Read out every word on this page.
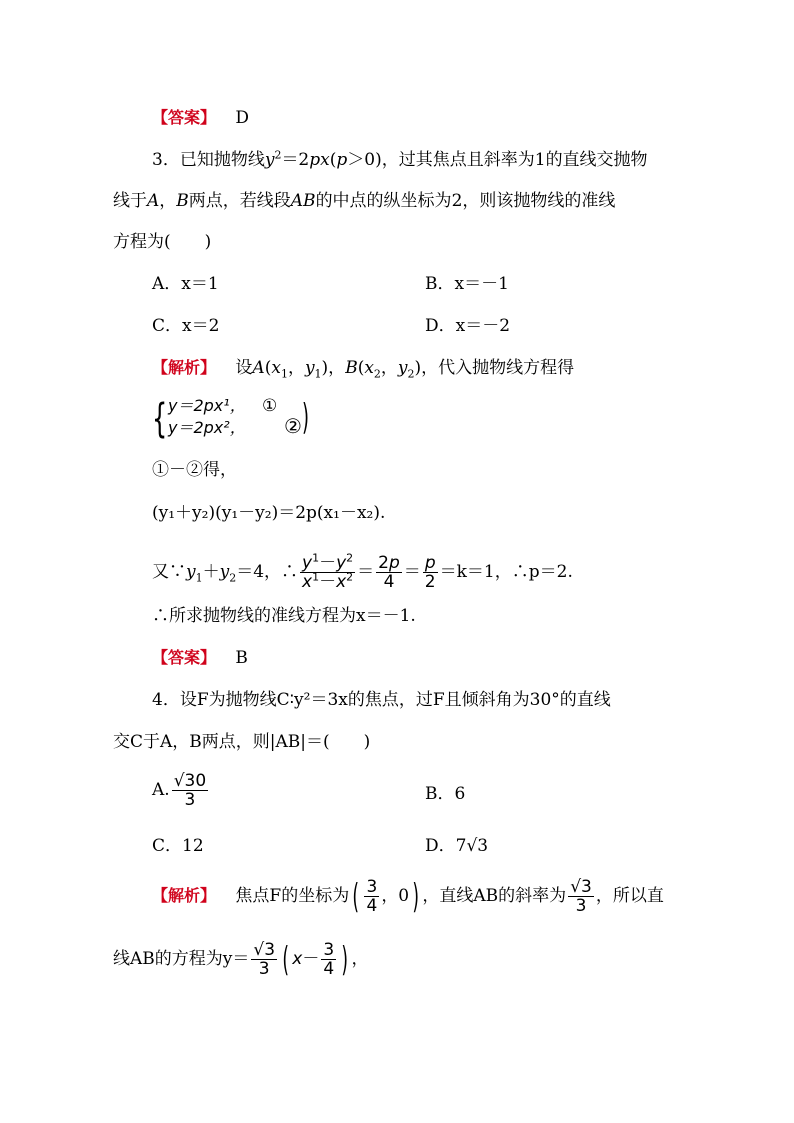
【答案】 D
3．已知抛物线$y^2=2px(p>0)$，过其焦点且斜率为1的直线交抛物
线于A，B两点，若线段AB的中点的纵坐标为2，则该抛物线的准线
方程为(　　)
A．x＝1	B．x＝－1
C．x＝2	D．x＝－2
【解析】 设$A(x_1$，$y_1$)，$B(x_2$，$y_2$)，代入抛物线方程得
{ y＝2px¹，
y＝2px²，
①
② )
①－②得，
(y₁＋y₂)(y₁－y₂)＝2p(x₁－x₂).
又$\because y_1+y_2=4$，∴ $\frac{y^1-y^2}{x^1-x^2} = \frac{2p}{4} = \frac{p}{2} =k=1$，∴p＝2.
∴所求抛物线的准线方程为x＝－1.
【答案】 B
4．设F为抛物线C∶y²＝3x的焦点，过F且倾斜角为30°的直线
交C于A，B两点，则|AB|＝(　　)
A. $\frac{√30}{3}$	B．6
C．12	D．7√3
【解析】 焦点F的坐标为( $\frac{3}{4}$ ，0) ，直线AB的斜率为 $\frac{√3}{3}$ ，所以直
线AB的方程为$y= \frac{√3}{3}$ ( $x- \frac{3}{4}$ ) ，
